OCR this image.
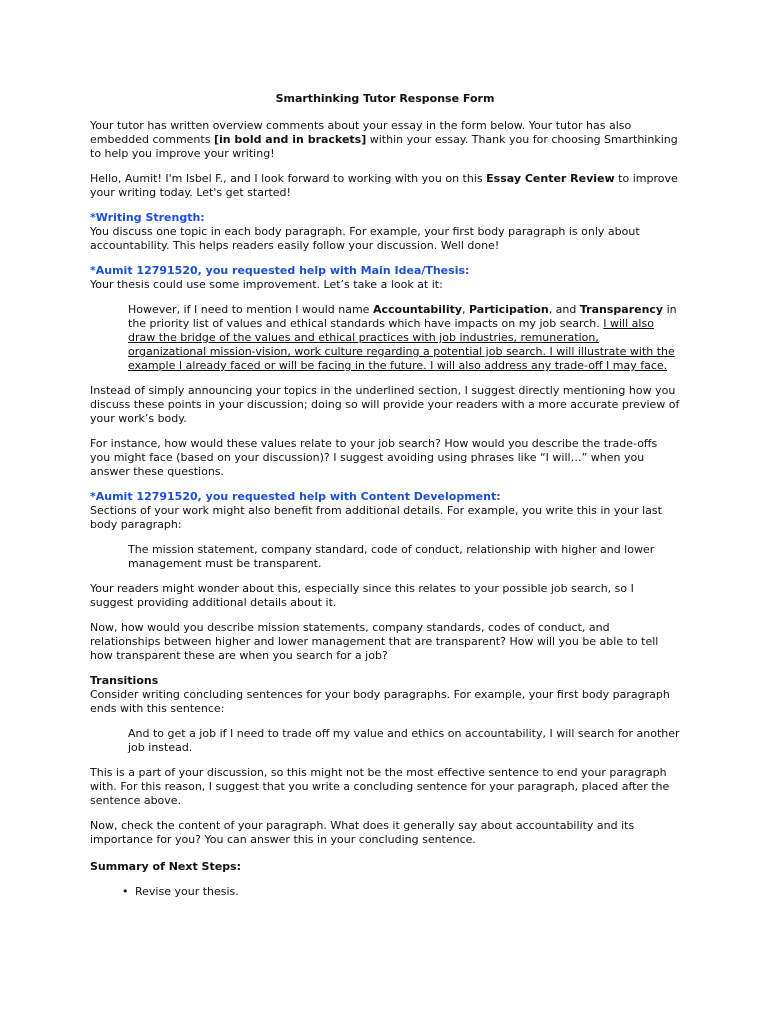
Smarthinking Tutor Response Form

Your tutor has written overview comments about your essay in the form below. Your tutor has also embedded comments [in bold and in brackets] within your essay. Thank you for choosing Smarthinking to help you improve your writing!

Hello, Aumit! I'm Isbel F., and I look forward to working with you on this Essay Center Review to improve your writing today. Let's get started!

*Writing Strength:
You discuss one topic in each body paragraph. For example, your first body paragraph is only about accountability. This helps readers easily follow your discussion. Well done!
*Aumit 12791520, you requested help with Main Idea/Thesis:
Your thesis could use some improvement. Let’s take a look at it:
However, if I need to mention I would name Accountability, Participation, and Transparency in the priority list of values and ethical standards which have impacts on my job search. I will also draw the bridge of the values and ethical practices with job industries, remuneration, organizational mission-vision, work culture regarding a potential job search. I will illustrate with the example I already faced or will be facing in the future. I will also address any trade-off I may face.

Instead of simply announcing your topics in the underlined section, I suggest directly mentioning how you discuss these points in your discussion; doing so will provide your readers with a more accurate preview of your work’s body.

For instance, how would these values relate to your job search? How would you describe the trade-offs you might face (based on your discussion)? I suggest avoiding using phrases like “I will…” when you answer these questions.

*Aumit 12791520, you requested help with Content Development:
Sections of your work might also benefit from additional details. For example, you write this in your last body paragraph:
The mission statement, company standard, code of conduct, relationship with higher and lower management must be transparent.

Your readers might wonder about this, especially since this relates to your possible job search, so I suggest providing additional details about it.

Now, how would you describe mission statements, company standards, codes of conduct, and relationships between higher and lower management that are transparent? How will you be able to tell how transparent these are when you search for a job?

Transitions
Consider writing concluding sentences for your body paragraphs. For example, your first body paragraph ends with this sentence:
And to get a job if I need to trade off my value and ethics on accountability, I will search for another job instead.

This is a part of your discussion, so this might not be the most effective sentence to end your paragraph with. For this reason, I suggest that you write a concluding sentence for your paragraph, placed after the sentence above.

Now, check the content of your paragraph. What does it generally say about accountability and its importance for you? You can answer this in your concluding sentence.

Summary of Next Steps:
• Revise your thesis.
